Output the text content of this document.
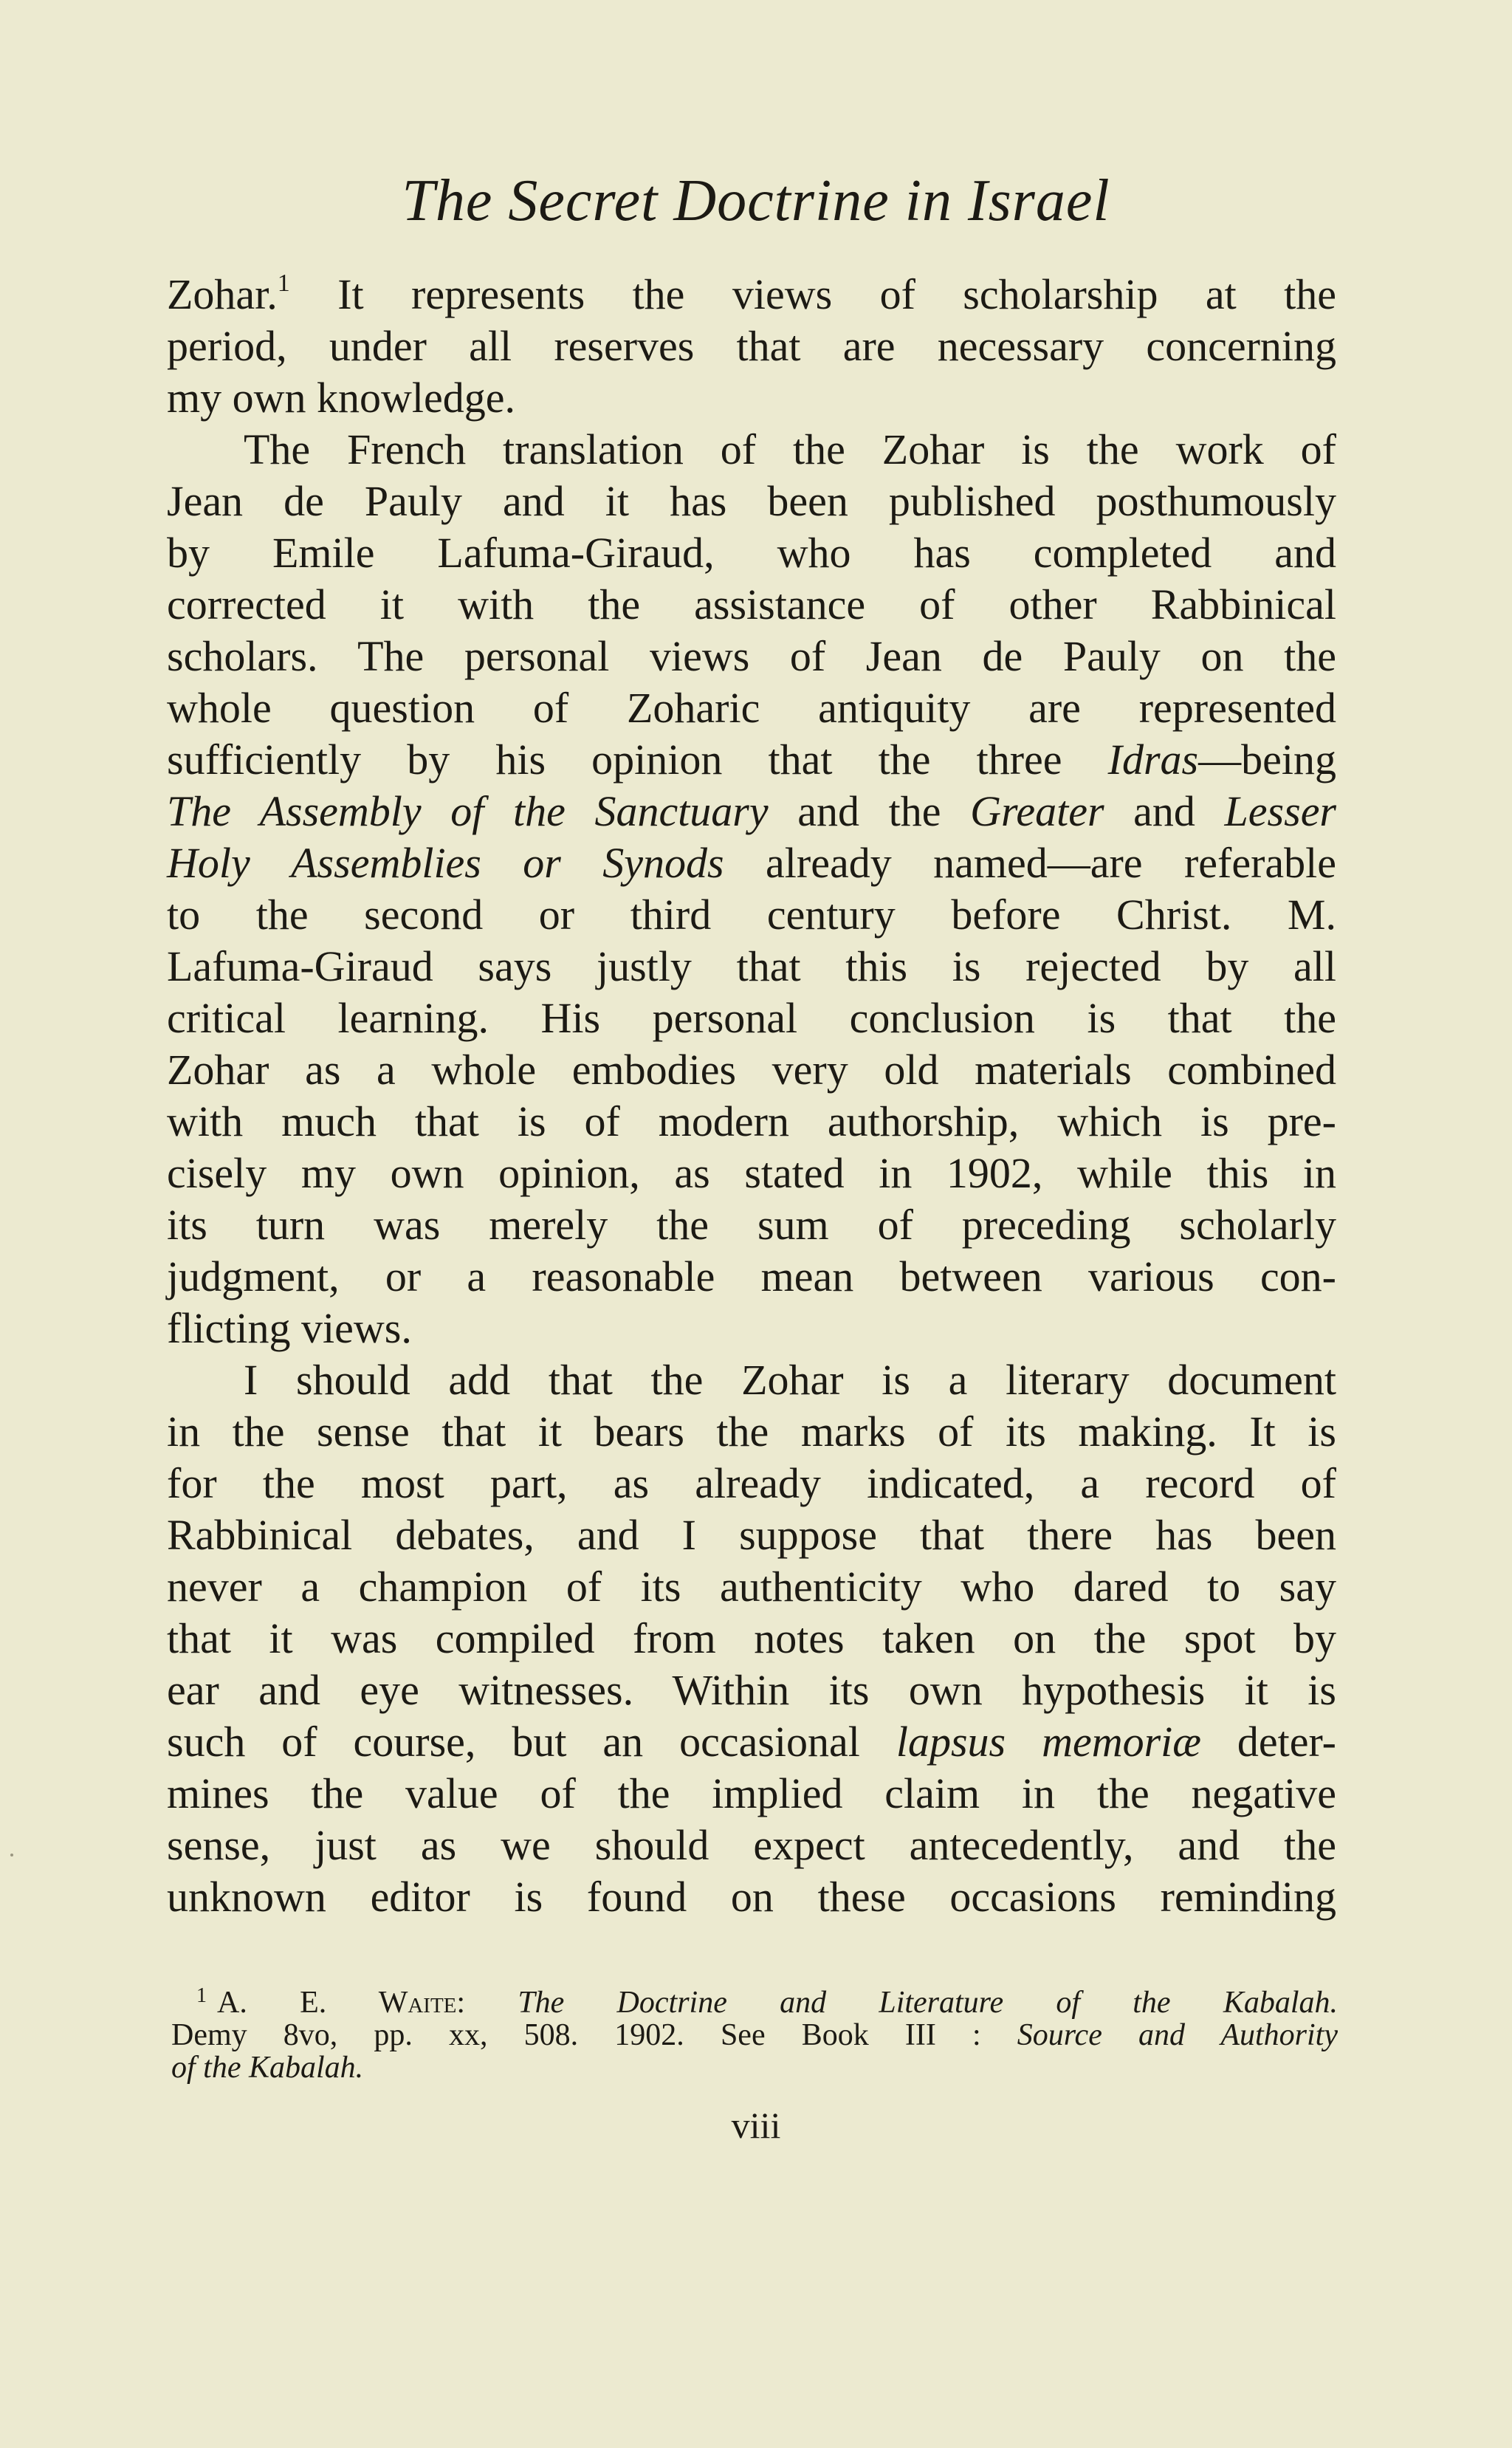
The Secret Doctrine in Israel
Zohar.$^1$ It represents the views of scholarship at the
period, under all reserves that are necessary concerning
my own knowledge.
The French translation of the Zohar is the work of
Jean de Pauly and it has been published posthumously
by Emile Lafuma-Giraud, who has completed and
corrected it with the assistance of other Rabbinical
scholars. The personal views of Jean de Pauly on the
whole question of Zoharic antiquity are represented
sufficiently by his opinion that the three Idras—being
The Assembly of the Sanctuary and the Greater and Lesser
Holy Assemblies or Synods already named—are referable
to the second or third century before Christ. M.
Lafuma-Giraud says justly that this is rejected by all
critical learning. His personal conclusion is that the
Zohar as a whole embodies very old materials combined
with much that is of modern authorship, which is pre-
cisely my own opinion, as stated in 1902, while this in
its turn was merely the sum of preceding scholarly
judgment, or a reasonable mean between various con-
flicting views.
I should add that the Zohar is a literary document
in the sense that it bears the marks of its making. It is
for the most part, as already indicated, a record of
Rabbinical debates, and I suppose that there has been
never a champion of its authenticity who dared to say
that it was compiled from notes taken on the spot by
ear and eye witnesses. Within its own hypothesis it is
such of course, but an occasional lapsus memoriæ deter-
mines the value of the implied claim in the negative
sense, just as we should expect antecedently, and the
unknown editor is found on these occasions reminding
$^1$ A. E. Waite: The Doctrine and Literature of the Kabalah.
Demy 8vo, pp. xx, 508. 1902. See Book III : Source and Authority
of the Kabalah.
viii
